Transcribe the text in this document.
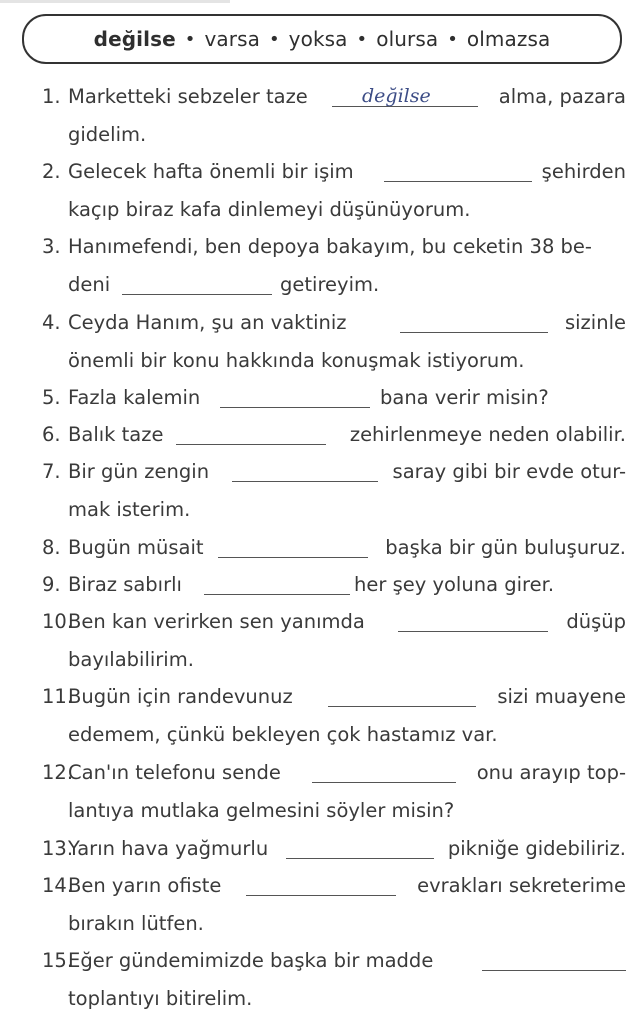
değilse • varsa • yoksa • olursa • olmazsa
1. Marketteki sebzeler taze	değilse	alma, pazara
gidelim.
2. Gelecek hafta önemli bir işim	şehirden
kaçıp biraz kafa dinlemeyi düşünüyorum.
3. Hanımefendi, ben depoya bakayım, bu ceketin 38 be-
deni	getireyim.
4. Ceyda Hanım, şu an vaktiniz	sizinle
önemli bir konu hakkında konuşmak istiyorum.
5. Fazla kalemin	bana verir misin?
6. Balık taze	zehirlenmeye neden olabilir.
7. Bir gün zengin	saray gibi bir evde otur-
mak isterim.
8. Bugün müsait	başka bir gün buluşuruz.
9. Biraz sabırlı	her şey yoluna girer.
10.
Ben kan verirken sen yanımda	düşüp
bayılabilirim.
11.
Bugün için randevunuz	sizi muayene
edemem, çünkü bekleyen çok hastamız var.
12.
Can'ın telefonu sende	onu arayıp top-
lantıya mutlaka gelmesini söyler misin?
13.
Yarın hava yağmurlu	pikniğe gidebiliriz.
14.
Ben yarın ofiste	evrakları sekreterime
bırakın lütfen.
15.
Eğer gündemimizde başka bir madde
toplantıyı bitirelim.
